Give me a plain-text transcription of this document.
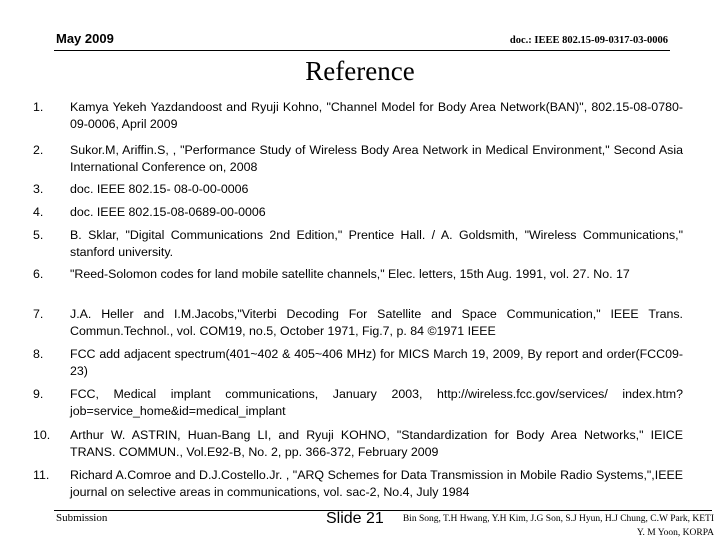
May 2009	doc.: IEEE 802.15-09-0317-03-0006
Reference
1.	Kamya Yekeh Yazdandoost and Ryuji Kohno, "Channel Model for Body Area Network(BAN)", 802.15-08-0780-09-0006, April 2009
2.	Sukor.M, Ariffin.S, , "Performance Study of Wireless Body Area Network in Medical Environment," Second Asia International Conference on, 2008
3.	doc. IEEE 802.15- 08-0-00-0006
4.	doc. IEEE 802.15-08-0689-00-0006
5.	B. Sklar, "Digital Communications 2nd Edition," Prentice Hall. / A. Goldsmith, "Wireless Communications," stanford university.
6.	"Reed-Solomon codes for land mobile satellite channels," Elec. letters, 15th Aug. 1991, vol. 27. No. 17
7.	J.A. Heller and I.M.Jacobs,"Viterbi Decoding For Satellite and Space Communication," IEEE Trans. Commun.Technol., vol. COM19, no.5, October 1971, Fig.7, p. 84 ©1971 IEEE
8.	FCC add adjacent spectrum(401~402 & 405~406 MHz) for MICS March 19, 2009, By report and order(FCC09-23)
9.	FCC, Medical implant communications, January 2003, http://wireless.fcc.gov/services/ index.htm?job=service_home&id=medical_implant
10.	Arthur W. ASTRIN, Huan-Bang LI, and Ryuji KOHNO, "Standardization for Body Area Networks," IEICE TRANS. COMMUN., Vol.E92-B, No. 2, pp. 366-372, February 2009
11.	Richard A.Comroe and D.J.Costello.Jr. , "ARQ Schemes for Data Transmission in Mobile Radio Systems,",IEEE journal on selective areas in communications, vol. sac-2, No.4, July 1984
Submission	Slide 21	Bin Song, T.H Hwang, Y.H Kim, J.G Son, S.J Hyun, H.J Chung, C.W Park, KETI
Y. M Yoon, KORPA
